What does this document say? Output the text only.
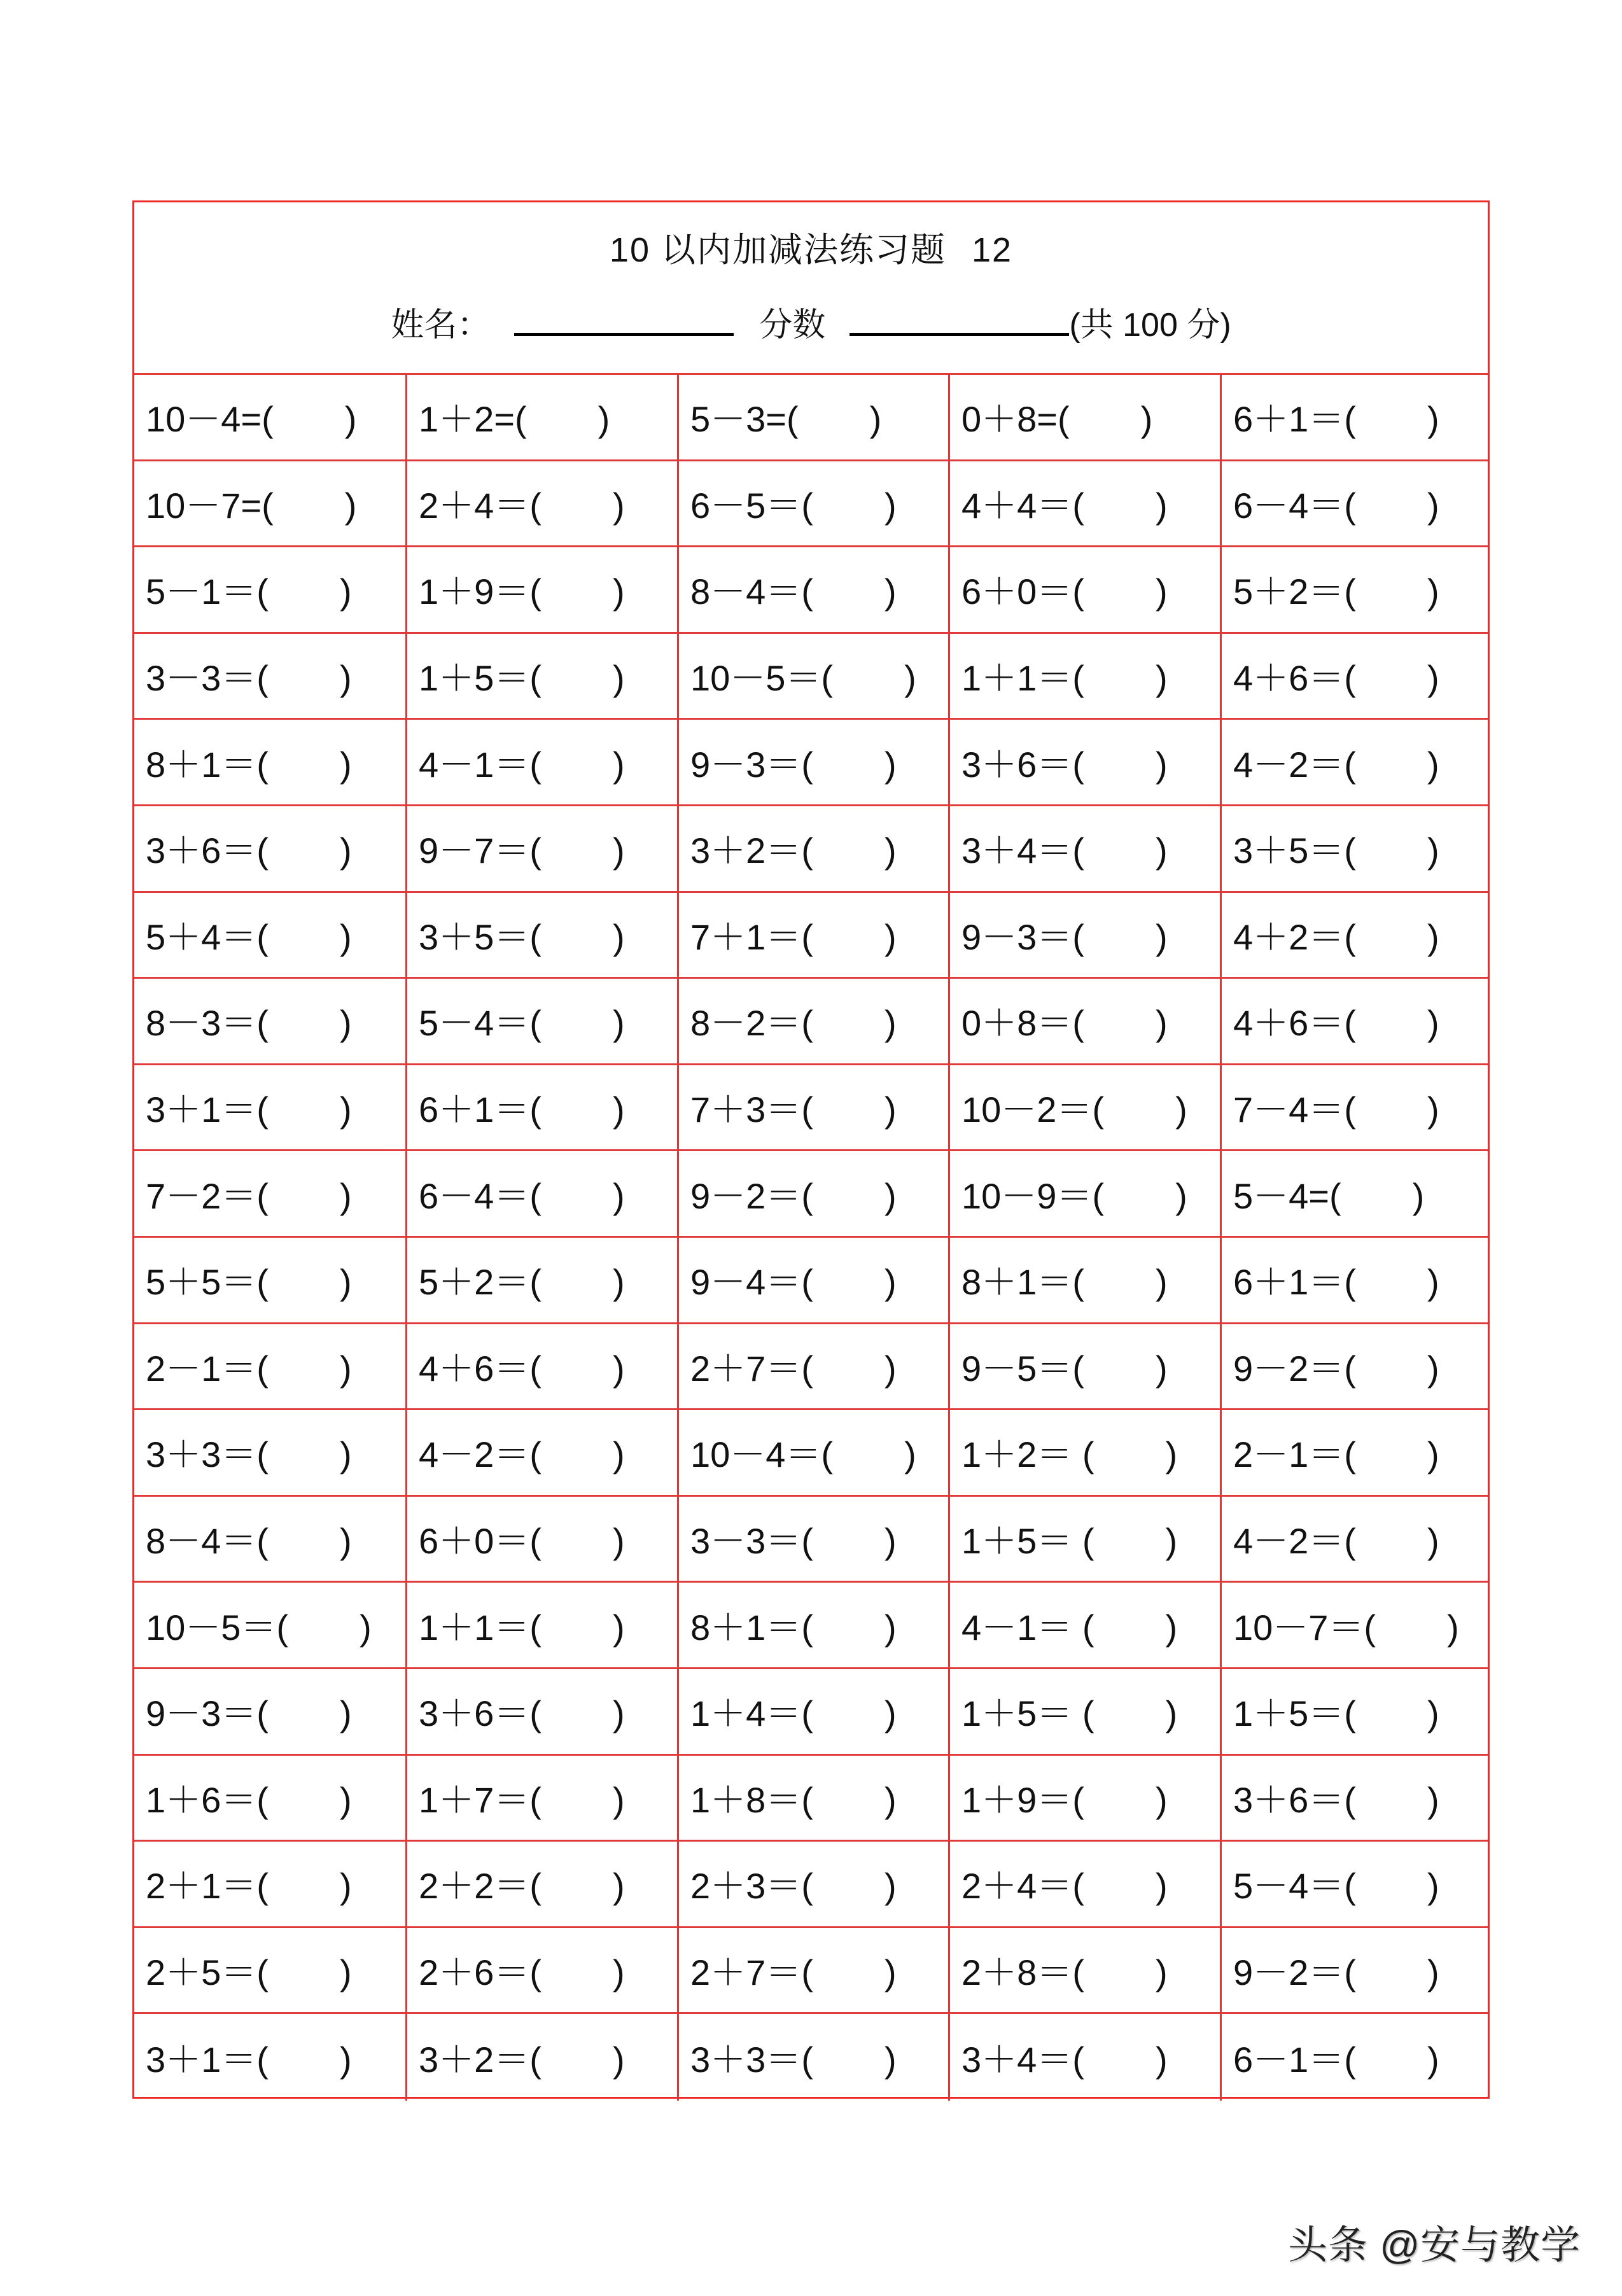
10 以内加减法练习题 12
姓名：	分数	(共 100 分)
10－4=(　　)	1＋2=(　　)	5－3=(　　)	0＋8=(　　)	6＋1＝(　　)
10－7=(　　)	2＋4＝(　　)	6－5＝(　　)	4＋4＝(　　)	6－4＝(　　)
5－1＝(　　)	1＋9＝(　　)	8－4＝(　　)	6＋0＝(　　)	5＋2＝(　　)
3－3＝(　　)	1＋5＝(　　)	10－5＝(　　)	1＋1＝(　　)	4＋6＝(　　)
8＋1＝(　　)	4－1＝(　　)	9－3＝(　　)	3＋6＝(　　)	4－2＝(　　)
3＋6＝(　　)	9－7＝(　　)	3＋2＝(　　)	3＋4＝(　　)	3＋5＝(　　)
5＋4＝(　　)	3＋5＝(　　)	7＋1＝(　　)	9－3＝(　　)	4＋2＝(　　)
8－3＝(　　)	5－4＝(　　)	8－2＝(　　)	0＋8＝(　　)	4＋6＝(　　)
3＋1＝(　　)	6＋1＝(　　)	7＋3＝(　　)	10－2＝(　　)	7－4＝(　　)
7－2＝(　　)	6－4＝(　　)	9－2＝(　　)	10－9＝(　　)	5－4=(　　)
5＋5＝(　　)	5＋2＝(　　)	9－4＝(　　)	8＋1＝(　　)	6＋1＝(　　)
2－1＝(　　)	4＋6＝(　　)	2＋7＝(　　)	9－5＝(　　)	9－2＝(　　)
3＋3＝(　　)	4－2＝(　　)	10－4＝(　　)	1＋2＝ (　　)	2－1＝(　　)
8－4＝(　　)	6＋0＝(　　)	3－3＝(　　)	1＋5＝ (　　)	4－2＝(　　)
10－5＝(　　)	1＋1＝(　　)	8＋1＝(　　)	4－1＝ (　　)	10－7＝(　　)
9－3＝(　　)	3＋6＝(　　)	1＋4＝(　　)	1＋5＝ (　　)	1＋5＝(　　)
1＋6＝(　　)	1＋7＝(　　)	1＋8＝(　　)	1＋9＝(　　)	3＋6＝(　　)
2＋1＝(　　)	2＋2＝(　　)	2＋3＝(　　)	2＋4＝(　　)	5－4＝(　　)
2＋5＝(　　)	2＋6＝(　　)	2＋7＝(　　)	2＋8＝(　　)	9－2＝(　　)
3＋1＝(　　)	3＋2＝(　　)	3＋3＝(　　)	3＋4＝(　　)	6－1＝(　　)
头条 @安与教学
